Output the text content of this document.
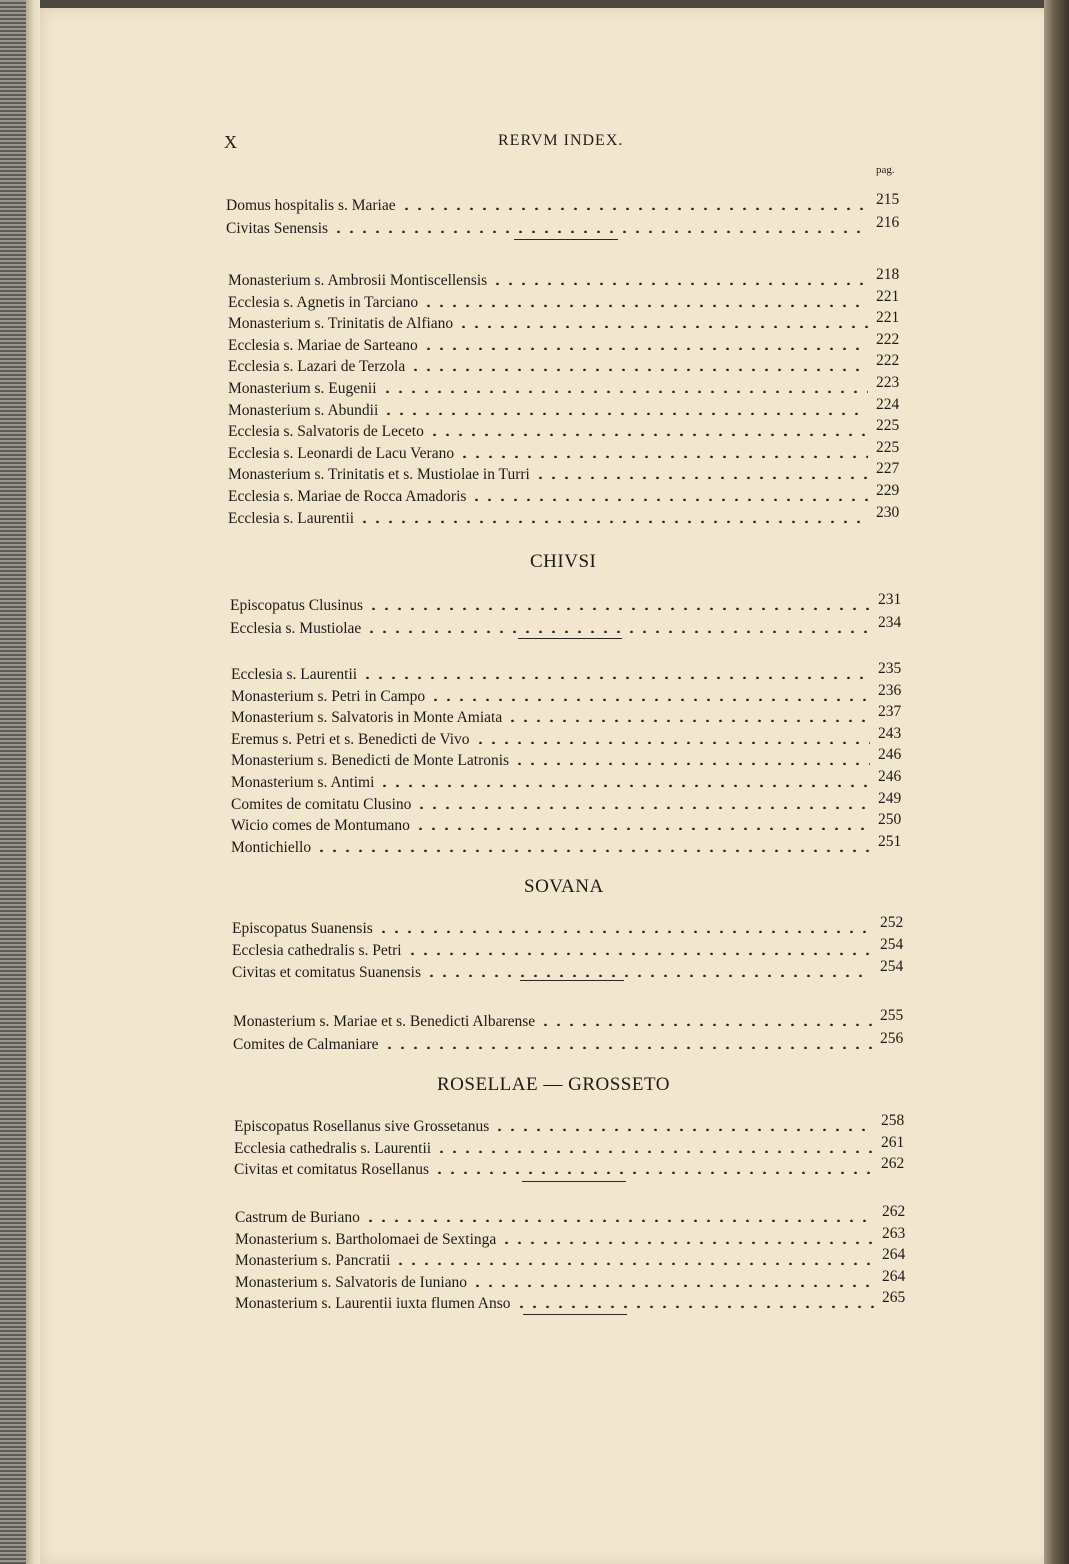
X	RERVM INDEX.
pag.
Domus hospitalis s. Mariae	215
Civitas Senensis	216
Monasterium s. Ambrosii Montiscellensis	218
Ecclesia s. Agnetis in Tarciano	221
Monasterium s. Trinitatis de Alfiano	221
Ecclesia s. Mariae de Sarteano	222
Ecclesia s. Lazari de Terzola	222
Monasterium s. Eugenii	223
Monasterium s. Abundii	224
Ecclesia s. Salvatoris de Leceto	225
Ecclesia s. Leonardi de Lacu Verano	225
Monasterium s. Trinitatis et s. Mustiolae in Turri	227
Ecclesia s. Mariae de Rocca Amadoris	229
Ecclesia s. Laurentii	230
CHIVSI
Episcopatus Clusinus	231
Ecclesia s. Mustiolae	234
Ecclesia s. Laurentii	235
Monasterium s. Petri in Campo	236
Monasterium s. Salvatoris in Monte Amiata	237
Eremus s. Petri et s. Benedicti de Vivo	243
Monasterium s. Benedicti de Monte Latronis	246
Monasterium s. Antimi	246
Comites de comitatu Clusino	249
Wicio comes de Montumano	250
Montichiello	251
SOVANA
Episcopatus Suanensis	252
Ecclesia cathedralis s. Petri	254
Civitas et comitatus Suanensis	254
Monasterium s. Mariae et s. Benedicti Albarense	255
Comites de Calmaniare	256
ROSELLAE — GROSSETO
Episcopatus Rosellanus sive Grossetanus	258
Ecclesia cathedralis s. Laurentii	261
Civitas et comitatus Rosellanus	262
Castrum de Buriano	262
Monasterium s. Bartholomaei de Sextinga	263
Monasterium s. Pancratii	264
Monasterium s. Salvatoris de Iuniano	264
Monasterium s. Laurentii iuxta flumen Anso	265
